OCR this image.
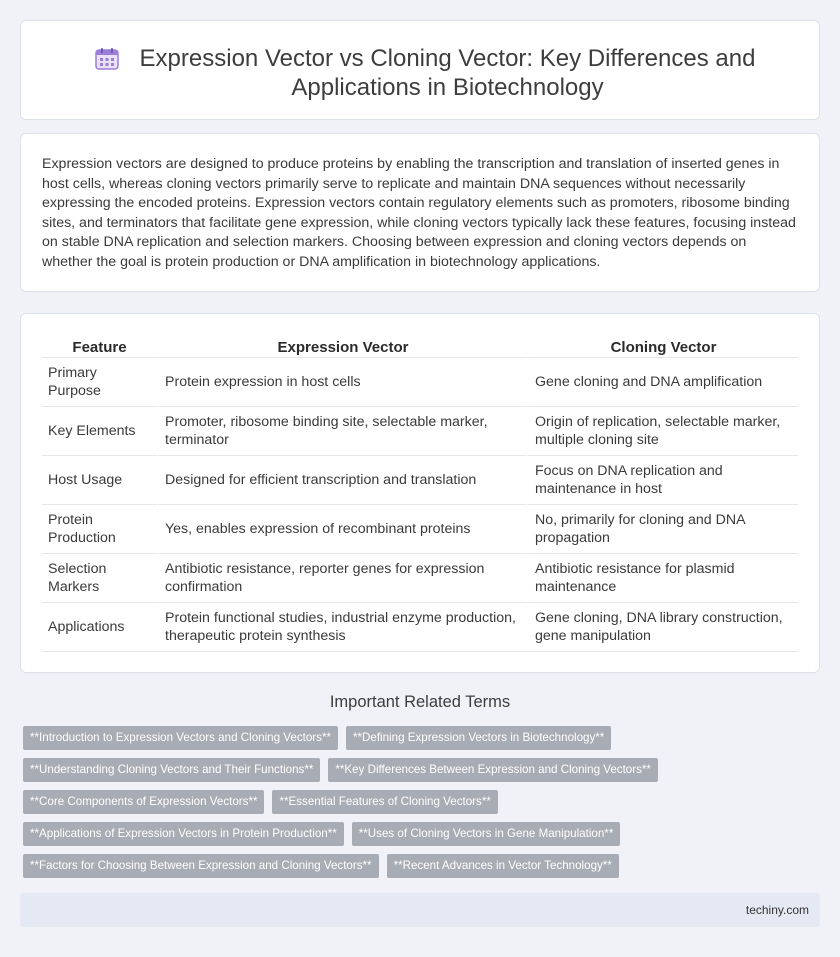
Expression Vector vs Cloning Vector: Key Differences and Applications in Biotechnology

Expression vectors are designed to produce proteins by enabling the transcription and translation of inserted genes in host cells, whereas cloning vectors primarily serve to replicate and maintain DNA sequences without necessarily expressing the encoded proteins. Expression vectors contain regulatory elements such as promoters, ribosome binding sites, and terminators that facilitate gene expression, while cloning vectors typically lack these features, focusing instead on stable DNA replication and selection markers. Choosing between expression and cloning vectors depends on whether the goal is protein production or DNA amplification in biotechnology applications.

Feature	Expression Vector	Cloning Vector
Primary Purpose	Protein expression in host cells	Gene cloning and DNA amplification
Key Elements	Promoter, ribosome binding site, selectable marker, terminator	Origin of replication, selectable marker, multiple cloning site
Host Usage	Designed for efficient transcription and translation	Focus on DNA replication and maintenance in host
Protein Production	Yes, enables expression of recombinant proteins	No, primarily for cloning and DNA propagation
Selection Markers	Antibiotic resistance, reporter genes for expression confirmation	Antibiotic resistance for plasmid maintenance
Applications	Protein functional studies, industrial enzyme production, therapeutic protein synthesis	Gene cloning, DNA library construction, gene manipulation
Important Related Terms
**Introduction to Expression Vectors and Cloning Vectors**	**Defining Expression Vectors in Biotechnology**
**Understanding Cloning Vectors and Their Functions**	**Key Differences Between Expression and Cloning Vectors**
**Core Components of Expression Vectors**	**Essential Features of Cloning Vectors**
**Applications of Expression Vectors in Protein Production**	**Uses of Cloning Vectors in Gene Manipulation**
**Factors for Choosing Between Expression and Cloning Vectors**	**Recent Advances in Vector Technology**
techiny.com
